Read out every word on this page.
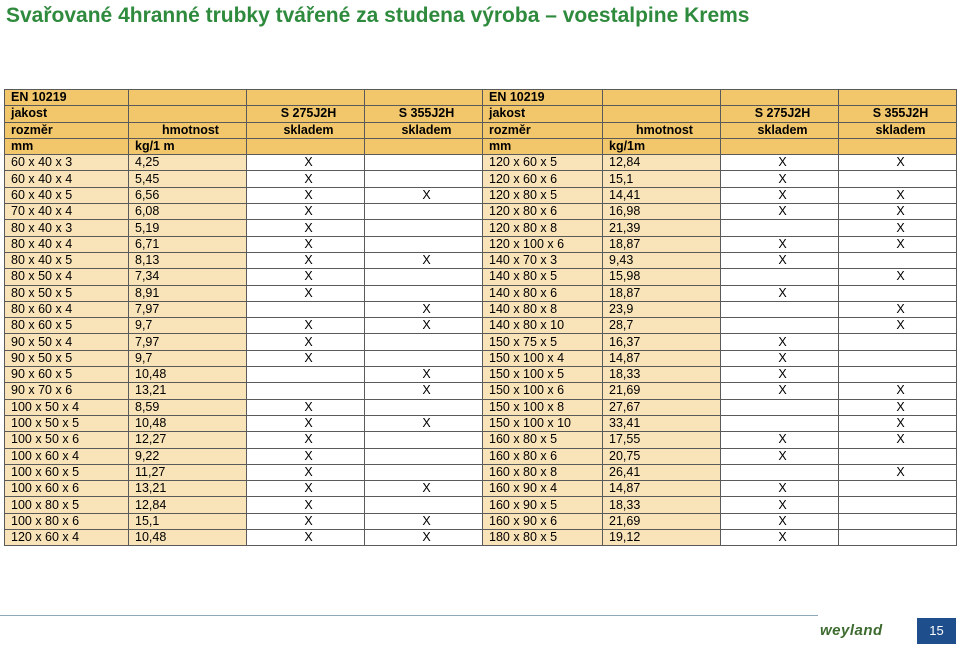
Svařované 4hranné trubky tvářené za studena výroba – voestalpine Krems
EN 10219				EN 10219			
jakost		S 275J2H	S 355J2H	jakost		S 275J2H	S 355J2H
rozměr	hmotnost	skladem	skladem	rozměr	hmotnost	skladem	skladem
mm	kg/1 m			mm	kg/1m		
60 x 40 x 3	4,25	X		120 x 60 x 5	12,84	X	X
60 x 40 x 4	5,45	X		120 x 60 x 6	15,1	X	
60 x 40 x 5	6,56	X	X	120 x 80 x 5	14,41	X	X
70 x 40 x 4	6,08	X		120 x 80 x 6	16,98	X	X
80 x 40 x 3	5,19	X		120 x 80 x 8	21,39		X
80 x 40 x 4	6,71	X		120 x 100 x 6	18,87	X	X
80 x 40 x 5	8,13	X	X	140 x 70 x 3	9,43	X	
80 x 50 x 4	7,34	X		140 x 80 x 5	15,98		X
80 x 50 x 5	8,91	X		140 x 80 x 6	18,87	X	
80 x 60 x 4	7,97		X	140 x 80 x 8	23,9		X
80 x 60 x 5	9,7	X	X	140 x 80 x 10	28,7		X
90 x 50 x 4	7,97	X		150 x 75 x 5	16,37	X	
90 x 50 x 5	9,7	X		150 x 100 x 4	14,87	X	
90 x 60 x 5	10,48		X	150 x 100 x 5	18,33	X	
90 x 70 x 6	13,21		X	150 x 100 x 6	21,69	X	X
100 x 50 x 4	8,59	X		150 x 100 x 8	27,67		X
100 x 50 x 5	10,48	X	X	150 x 100 x 10	33,41		X
100 x 50 x 6	12,27	X		160 x 80 x 5	17,55	X	X
100 x 60 x 4	9,22	X		160 x 80 x 6	20,75	X	
100 x 60 x 5	11,27	X		160 x 80 x 8	26,41		X
100 x 60 x 6	13,21	X	X	160 x 90 x 4	14,87	X	
100 x 80 x 5	12,84	X		160 x 90 x 5	18,33	X	
100 x 80 x 6	15,1	X	X	160 x 90 x 6	21,69	X	
120 x 60 x 4	10,48	X	X	180 x 80 x 5	19,12	X	
weyland	15
